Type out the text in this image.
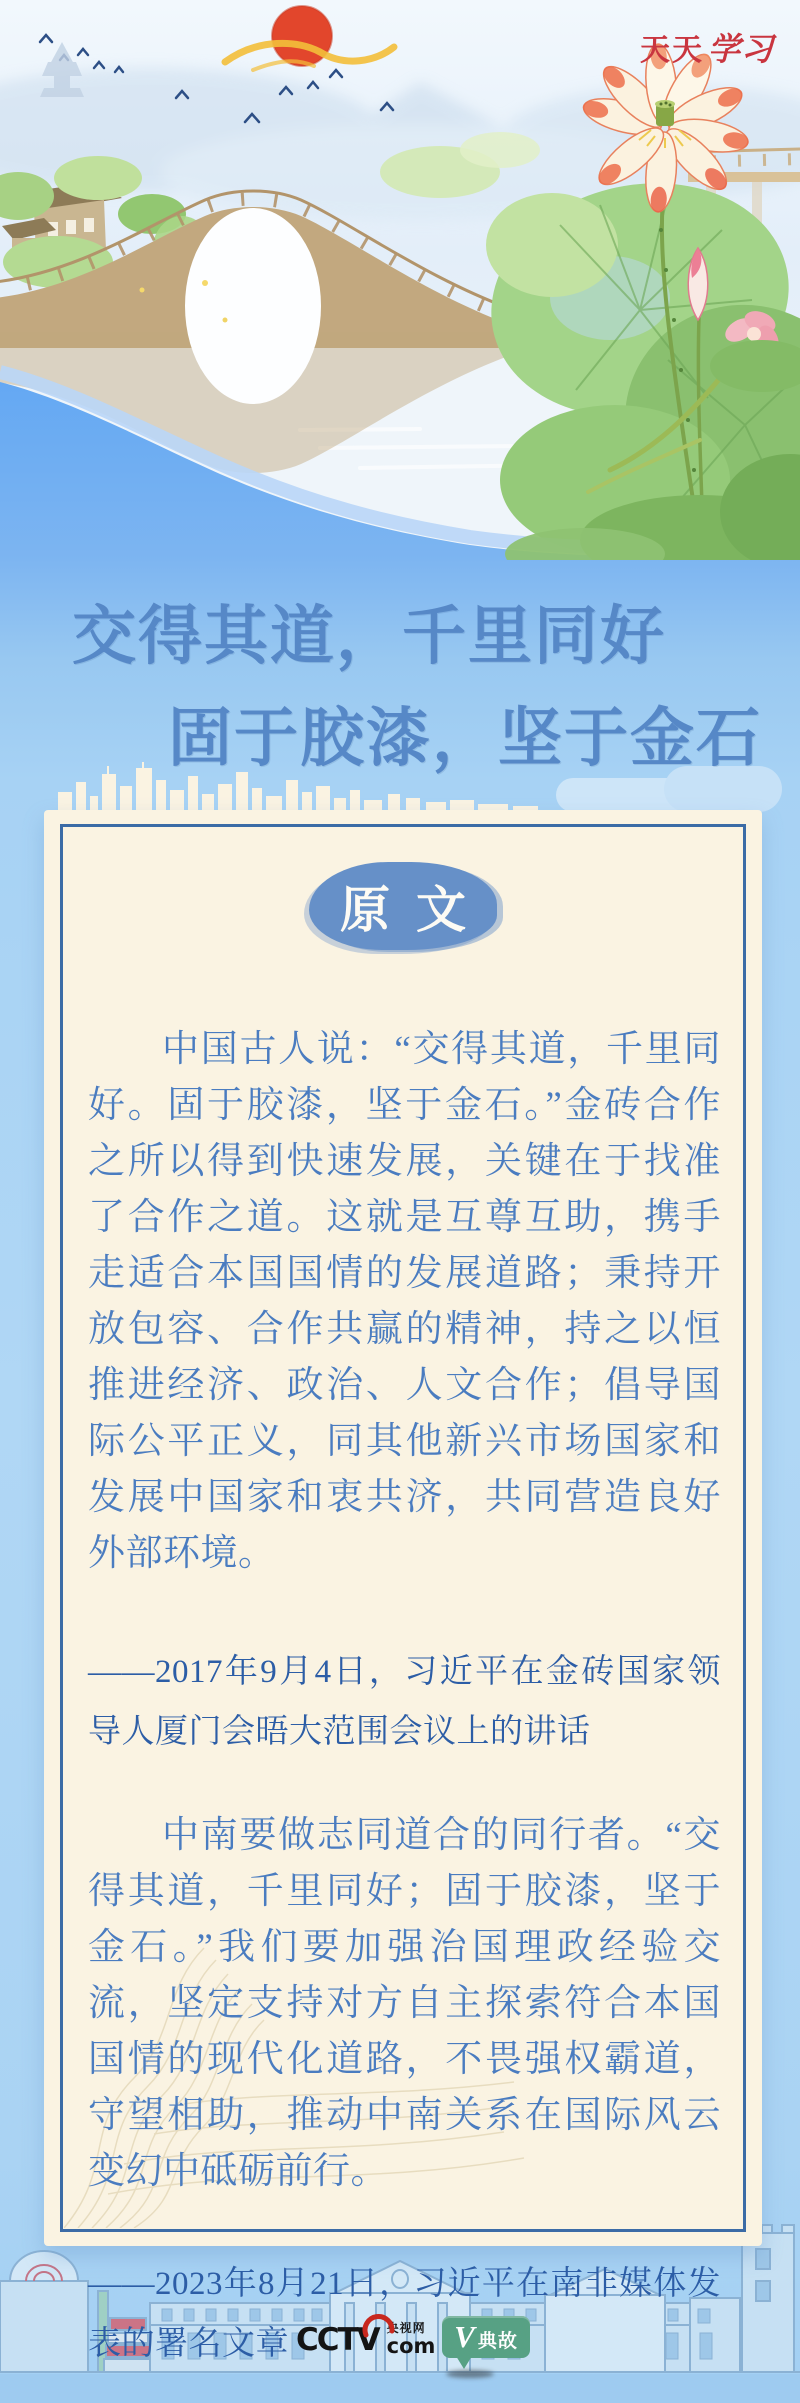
天天 学习
交得其道，千里同好
固于胶漆，坚于金石
原文

中国古人说：“交得其道，千里同好。固于胶漆，坚于金石。”金砖合作之所以得到快速发展，关键在于找准了合作之道。这就是互尊互助，携手走适合本国国情的发展道路；秉持开放包容、合作共赢的精神，持之以恒推进经济、政治、人文合作；倡导国际公平正义，同其他新兴市场国家和发展中国家和衷共济，共同营造良好外部环境。

——2017年9月4日，习近平在金砖国家领导人厦门会晤大范围会议上的讲话

中南要做志同道合的同行者。“交得其道，千里同好；固于胶漆，坚于金石。”我们要加强治国理政经验交流，坚定支持对方自主探索符合本国国情的现代化道路，不畏强权霸道，守望相助，推动中南关系在国际风云变幻中砥砺前行。

——2023年8月21日，习近平在南非媒体发表的署名文章 CCTV 央视网
com V 典故
